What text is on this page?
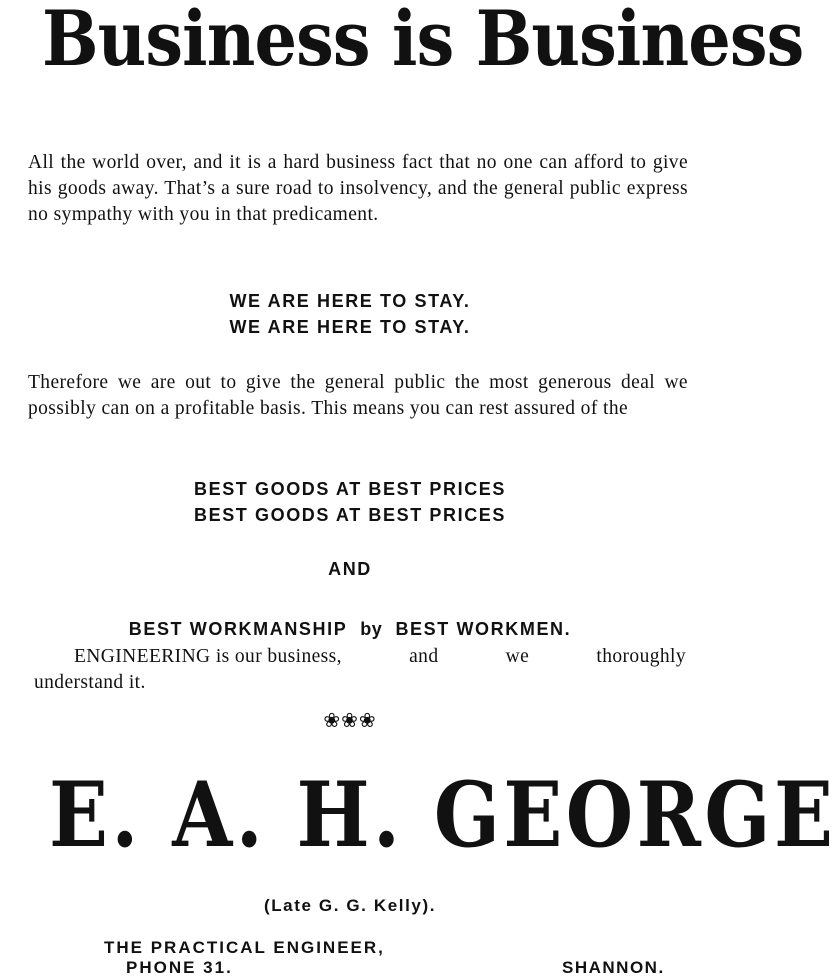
Business is Business
All the world over, and it is a hard business fact that no one can afford to give his goods away. That’s a sure road to insolvency, and the general public express no sympathy with you in that predicament.
WE ARE HERE TO STAY.
WE ARE HERE TO STAY.
Therefore we are out to give the general public the most generous deal we possibly can on a profitable basis. This means you can rest assured of the
BEST GOODS AT BEST PRICES
BEST GOODS AT BEST PRICES
AND
BEST WORKMANSHIP by BEST WORKMEN.
ENGINEERING is our business,	and	we	thoroughly
understand it.
❀❀❀
E. A. H. GEORGE
(Late G. G. Kelly).
THE PRACTICAL ENGINEER,
PHONE 31.	SHANNON.
